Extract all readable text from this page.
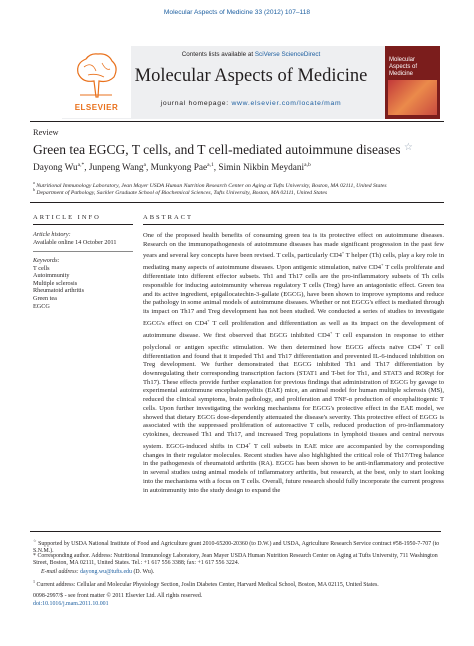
Molecular Aspects of Medicine 33 (2012) 107–118
ELSEVIER
Contents lists available at SciVerse ScienceDirect
Molecular Aspects of Medicine
journal homepage: www.elsevier.com/locate/mam
Molecular Aspects of Medicine
Review
Green tea EGCG, T cells, and T cell-mediated autoimmune diseases ☆
Dayong $Wu^{a,*}$, Junpeng Wang$^a$, Munkyong Pae$^{a,1}$, Simin Nikbin Meydani$^{a,b}$
$^a$ Nutritional Immunology Laboratory, Jean Mayer USDA Human Nutrition Research Center on Aging at Tufts University, Boston, MA 02111, United States
$^b$ Department of Pathology, Sackler Graduate School of Biochemical Sciences, Tufts University, Boston, MA 02111, United States
ARTICLE INFO
Article history:
Available online 14 October 2011
Keywords:
T cells
Autoimmunity
Multiple sclerosis
Rheumatoid arthritis
Green tea
EGCG
ABSTRACT
One of the proposed health benefits of consuming green tea is its protective effect on autoimmune diseases. Research on the immunopathogenesis of autoimmune diseases has made significant progression in the past few years and several key concepts have been revised. T cells, particularly CD4+ T helper (Th) cells, play a key role in mediating many aspects of autoimmune diseases. Upon antigenic stimulation, naïve CD4+ T cells proliferate and differentiate into different effector subsets. Th1 and Th17 cells are the pro-inflammatory subsets of Th cells responsible for inducing autoimmunity whereas regulatory T cells (Treg) have an antagonistic effect. Green tea and its active ingredient, epigallocatechin-3-gallate (EGCG), have been shown to improve symptoms and reduce the pathology in some animal models of autoimmune diseases. Whether or not EGCG's effect is mediated through its impact on Th17 and Treg development has not been studied. We conducted a series of studies to investigate EGCG's effect on CD4+ T cell proliferation and differentiation as well as its impact on the development of autoimmune disease. We first observed that EGCG inhibited CD4+ T cell expansion in response to either polyclonal or antigen specific stimulation. We then determined how EGCG affects naïve CD4+ T cell differentiation and found that it impeded Th1 and Th17 differentiation and prevented IL-6-induced inhibition on Treg development. We further demonstrated that EGCG inhibited Th1 and Th17 differentiation by downregulating their corresponding transcription factors (STAT1 and T-bet for Th1, and STAT3 and RORγt for Th17). These effects provide further explanation for previous findings that administration of EGCG by gavage to experimental autoimmune encephalomyelitis (EAE) mice, an animal model for human multiple sclerosis (MS), reduced the clinical symptoms, brain pathology, and proliferation and TNF-α production of encephalitogenic T cells. Upon further investigating the working mechanisms for EGCG's protective effect in the EAE model, we showed that dietary EGCG dose-dependently attenuated the disease's severity. This protective effect of EGCG is associated with the suppressed proliferation of autoreactive T cells, reduced production of pro-inflammatory cytokines, decreased Th1 and Th17, and increased Treg populations in lymphoid tissues and central nervous system. EGCG-induced shifts in CD4+ T cell subsets in EAE mice are accompanied by the corresponding changes in their regulator molecules. Recent studies have also highlighted the critical role of Th17/Treg balance in the pathogenesis of rheumatoid arthritis (RA). EGCG has been shown to be anti-inflammatory and protective in several studies using animal models of inflammatory arthritis, but research, at the best, only to start looking into the mechanisms with a focus on T cells. Overall, future research should fully incorporate the current progress in autoimmunity into the study design to expand the
☆ Supported by USDA National Institute of Food and Agriculture grant 2010-65200-20360 (to D.W.) and USDA, Agriculture Research Service contract #58-1950-7-707 (to S.N.M.).
* Corresponding author. Address: Nutritional Immunology Laboratory, Jean Mayer USDA Human Nutrition Research Center on Aging at Tufts University, 711 Washington Street, Boston, MA 02111, United States. Tel.: +1 617 556 3388; fax: +1 617 556 3224.
E-mail address: dayong.wu@tufts.edu (D. Wu).
$^1$ Current address: Cellular and Molecular Physiology Section, Joslin Diabetes Center, Harvard Medical School, Boston, MA 02115, United States.
0098-2997/$ - see front matter © 2011 Elsevier Ltd. All rights reserved.
doi:10.1016/j.mam.2011.10.001
